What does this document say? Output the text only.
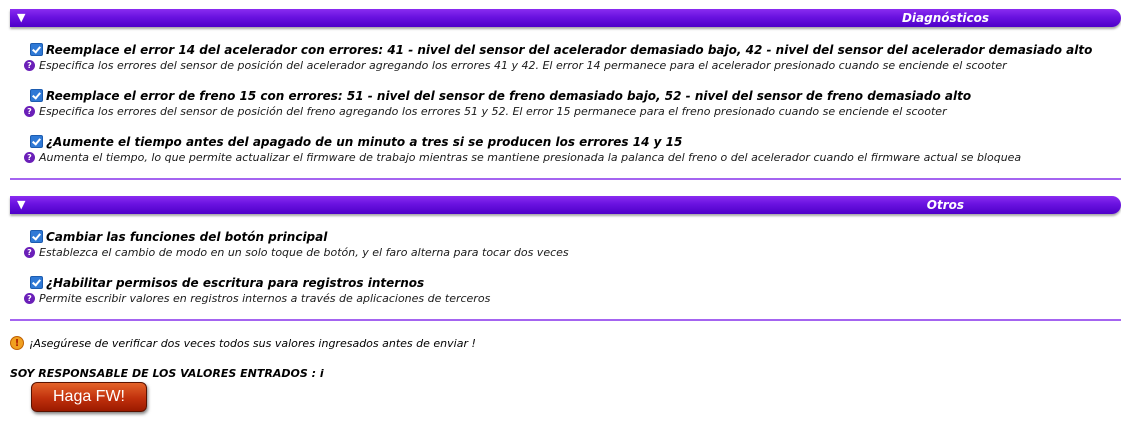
▼	Diagnósticos
Reemplace el error 14 del acelerador con errores: 41 - nivel del sensor del acelerador demasiado bajo, 42 - nivel del sensor del acelerador demasiado alto
? Especifica los errores del sensor de posición del acelerador agregando los errores 41 y 42. El error 14 permanece para el acelerador presionado cuando se enciende el scooter
Reemplace el error de freno 15 con errores: 51 - nivel del sensor de freno demasiado bajo, 52 - nivel del sensor de freno demasiado alto
? Especifica los errores del sensor de posición del freno agregando los errores 51 y 52. El error 15 permanece para el freno presionado cuando se enciende el scooter
¿Aumente el tiempo antes del apagado de un minuto a tres si se producen los errores 14 y 15
? Aumenta el tiempo, lo que permite actualizar el firmware de trabajo mientras se mantiene presionada la palanca del freno o del acelerador cuando el firmware actual se bloquea
▼	Otros
Cambiar las funciones del botón principal
? Establezca el cambio de modo en un solo toque de botón, y el faro alterna para tocar dos veces
¿Habilitar permisos de escritura para registros internos
? Permite escribir valores en registros internos a través de aplicaciones de terceros
! ¡Asegúrese de verificar dos veces todos sus valores ingresados antes de enviar !
SOY RESPONSABLE DE LOS VALORES ENTRADOS : i
Haga FW!
